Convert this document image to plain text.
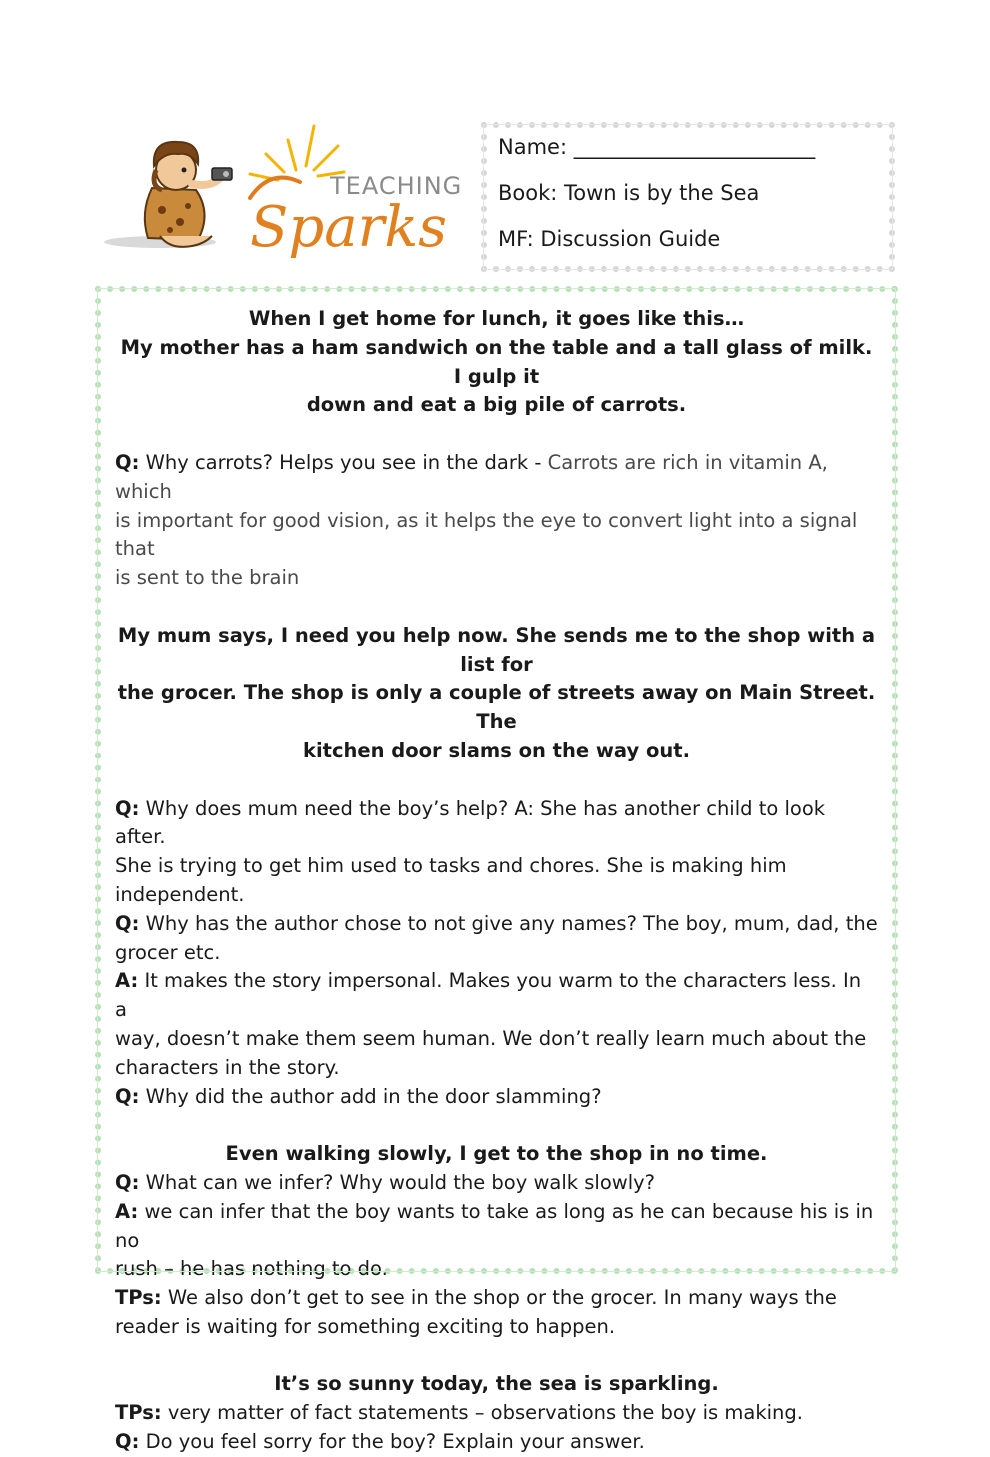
TEACHING
Sparks
Name: _______________________
Book: Town is by the Sea
MF: Discussion Guide

When I get home for lunch, it goes like this…

My mother has a ham sandwich on the table and a tall glass of milk. I gulp it

down and eat a big pile of carrots.

Q: Why carrots? Helps you see in the dark - Carrots are rich in vitamin A, which

is important for good vision, as it helps the eye to convert light into a signal that

is sent to the brain

My mum says, I need you help now. She sends me to the shop with a list for

the grocer. The shop is only a couple of streets away on Main Street. The

kitchen door slams on the way out.

Q: Why does mum need the boy’s help? A: She has another child to look after.

She is trying to get him used to tasks and chores. She is making him

independent.

Q: Why has the author chose to not give any names? The boy, mum, dad, the

grocer etc.

A: It makes the story impersonal. Makes you warm to the characters less. In a

way, doesn’t make them seem human. We don’t really learn much about the

characters in the story.

Q: Why did the author add in the door slamming?

Even walking slowly, I get to the shop in no time.

Q: What can we infer? Why would the boy walk slowly?

A: we can infer that the boy wants to take as long as he can because his is in no

rush – he has nothing to do.

TPs: We also don’t get to see in the shop or the grocer. In many ways the

reader is waiting for something exciting to happen.

It’s so sunny today, the sea is sparkling.

TPs: very matter of fact statements – observations the boy is making.

Q: Do you feel sorry for the boy? Explain your answer.
